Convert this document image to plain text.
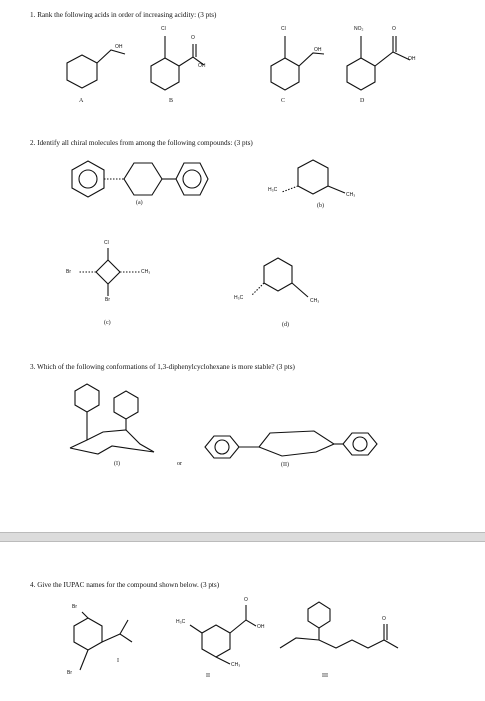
1. Rank the following acids in order of increasing acidity: (3 pts)
OH
Cl
O
OH
Cl
OH
NO₂	O
OH
A	B	C	D
2. Identify all chiral molecules from among the following compounds: (3 pts)
(a)
H₃C
CH₃
(b)
Cl
Br	CH₃
Br
(c)
H₃C	CH₃
(d)
3. Which of the following conformations of 1,3-diphenylcyclohexane is more stable? (3 pts)
(I)	or	(II)
4. Give the IUPAC names for the compound shown below. (3 pts)
Br
Br
I
H₃C
O
OH
CH₃
II
O
III
